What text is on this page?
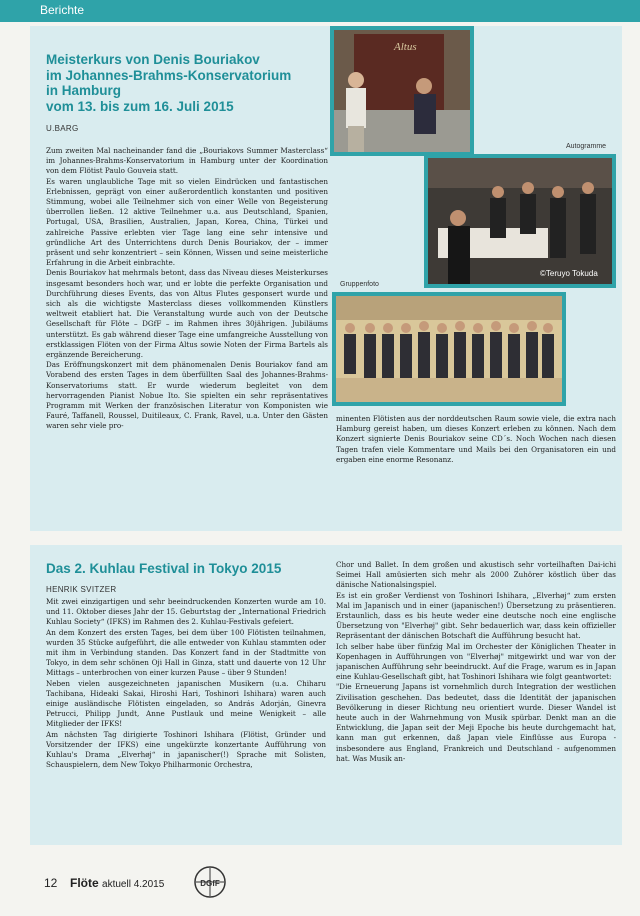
Berichte
Meisterkurs von Denis Bouriakov
im Johannes-Brahms-Konservatorium
in Hamburg
vom 13. bis zum 16. Juli 2015
U.BARG

Zum zweiten Mal nacheinander fand die „Bouriakovs Summer Masterclass“ im Johannes-Brahms-Konservatorium in Hamburg unter der Koordination von dem Flötist Paulo Gouveia statt.

Es waren unglaubliche Tage mit so vielen Eindrücken und fantastischen Erlebnissen, geprägt von einer außerordentlich konstanten und positiven Stimmung, wobei alle Teilnehmer sich von einer Welle von Begeisterung überrollen ließen. 12 aktive Teilnehmer u.a. aus Deutschland, Spanien, Portugal, USA, Brasilien, Australien, Japan, Korea, China, Türkei und zahlreiche Passive erlebten vier Tage lang eine sehr intensive und gründliche Art des Unterrichtens durch Denis Bouriakov, der – immer präsent und sehr konzentriert – sein Können, Wissen und seine meisterliche Erfahrung in die Arbeit einbrachte.

Denis Bouriakov hat mehrmals betont, dass das Niveau dieses Meisterkurses insgesamt besonders hoch war, und er lobte die perfekte Organisation und Durchführung dieses Events, das von Altus Flutes gesponsert wurde und sich als die wichtigste Masterclass dieses vollkommenden Künstlers weltweit etabliert hat. Die Veranstaltung wurde auch von der Deutsche Gesellschaft für Flöte – DGfF – im Rahmen ihres 30jährigen. Jubiläums unterstützt. Es gab während dieser Tage eine umfangreiche Ausstellung von erstklassigen Flöten von der Firma Altus sowie Noten der Firma Bartels als ergänzende Bereicherung.

Das Eröffnungskonzert mit dem phänomenalen Denis Bouriakov fand am Vorabend des ersten Tages in dem überfüllten Saal des Johannes-Brahms-Konservatoriums statt. Er wurde wiederum begleitet von dem hervorragenden Pianist Nobue Ito. Sie spielten ein sehr repräsentatives Programm mit Werken der französischen Literatur von Komponisten wie Fauré, Taffanell, Roussel, Duitileaux, C. Frank, Ravel, u.a. Unter den Gästen waren sehr viele pro-

minenten Flötisten aus der norddeutschen Raum sowie viele, die extra nach Hamburg gereist haben, um dieses Konzert erleben zu können. Nach dem Konzert signierte Denis Bouriakov seine CD´s. Noch Wochen nach diesen Tagen trafen viele Kommentare und Mails bei den Organisatoren ein und ergaben eine enorme Resonanz.

Altus
Autogramme
©Teruyo Tokuda
Gruppenfoto
Das 2. Kuhlau Festival in Tokyo 2015
HENRIK SVITZER

Mit zwei einzigartigen und sehr beeindruckenden Konzerten wurde am 10. und 11. Oktober dieses Jahr der 15. Geburtstag der „International Friedrich Kuhlau Society“ (IFKS) im Rahmen des 2. Kuhlau-Festivals gefeiert.

An dem Konzert des ersten Tages, bei dem über 100 Flötisten teilnahmen, wurden 35 Stücke aufgeführt, die alle entweder von Kuhlau stammten oder mit ihm in Verbindung standen. Das Konzert fand in der Stadtmitte von Tokyo, in dem sehr schönen Oji Hall in Ginza, statt und dauerte von 12 Uhr Mittags – unterbrochen von einer kurzen Pause – über 9 Stunden!

Neben vielen ausgezeichneten japanischen Musikern (u.a. Chiharu Tachibana, Hideaki Sakai, Hiroshi Hari, Toshinori Ishihara) waren auch einige ausländische Flötisten eingeladen, so András Adorján, Ginevra Petrucci, Philipp Jundt, Anne Pustlauk und meine Wenigkeit – alle Mitglieder der IFKS!

Am nächsten Tag dirigierte Toshinori Ishihara (Flötist, Gründer und Vorsitzender der IFKS) eine ungekürzte konzertante Aufführung von Kuhlau's Drama „Elverhøj“ in japanischer(!) Sprache mit Solisten, Schauspielern, dem New Tokyo Philharmonic Orchestra,

Chor und Ballet. In dem großen und akustisch sehr vorteilhaften Dai-ichi Seimei Hall amüsierten sich mehr als 2000 Zuhörer köstlich über das dänische Nationalsingspiel.

Es ist ein großer Verdienst von Toshinori Ishihara, „Elverhøj“ zum ersten Mal im Japanisch und in einer (japanischen!) Übersetzung zu präsentieren. Erstaunlich, dass es bis heute weder eine deutsche noch eine englische Übersetzung von "Elverhøj" gibt. Sehr bedauerlich war, dass kein offizieller Repräsentant der dänischen Botschaft die Aufführung besucht hat.

Ich selber habe über fünfzig Mal im Orchester der Königlichen Theater in Kopenhagen in Aufführungen von "Elverhøj" mitgewirkt und war von der japanischen Aufführung sehr beeindruckt. Auf die Frage, warum es in Japan eine Kuhlau-Gesellschaft gibt, hat Toshinori Ishihara wie folgt geantwortet:

"Die Erneuerung Japans ist vornehmlich durch Integration der westlichen Zivilisation geschehen. Das bedeutet, dass die Identität der japanischen Bevölkerung in dieser Richtung neu orientiert wurde. Dieser Wandel ist heute auch in der Wahrnehmung von Musik spürbar. Denkt man an die Entwicklung, die Japan seit der Meji Epoche bis heute durchgemacht hat, kann man gut erkennen, daß Japan viele Einflüsse aus Europa - insbesondere aus England, Frankreich und Deutschland - aufgenommen hat. Was Musik an-

12 Flöte aktuell 4.2015	DGfF
